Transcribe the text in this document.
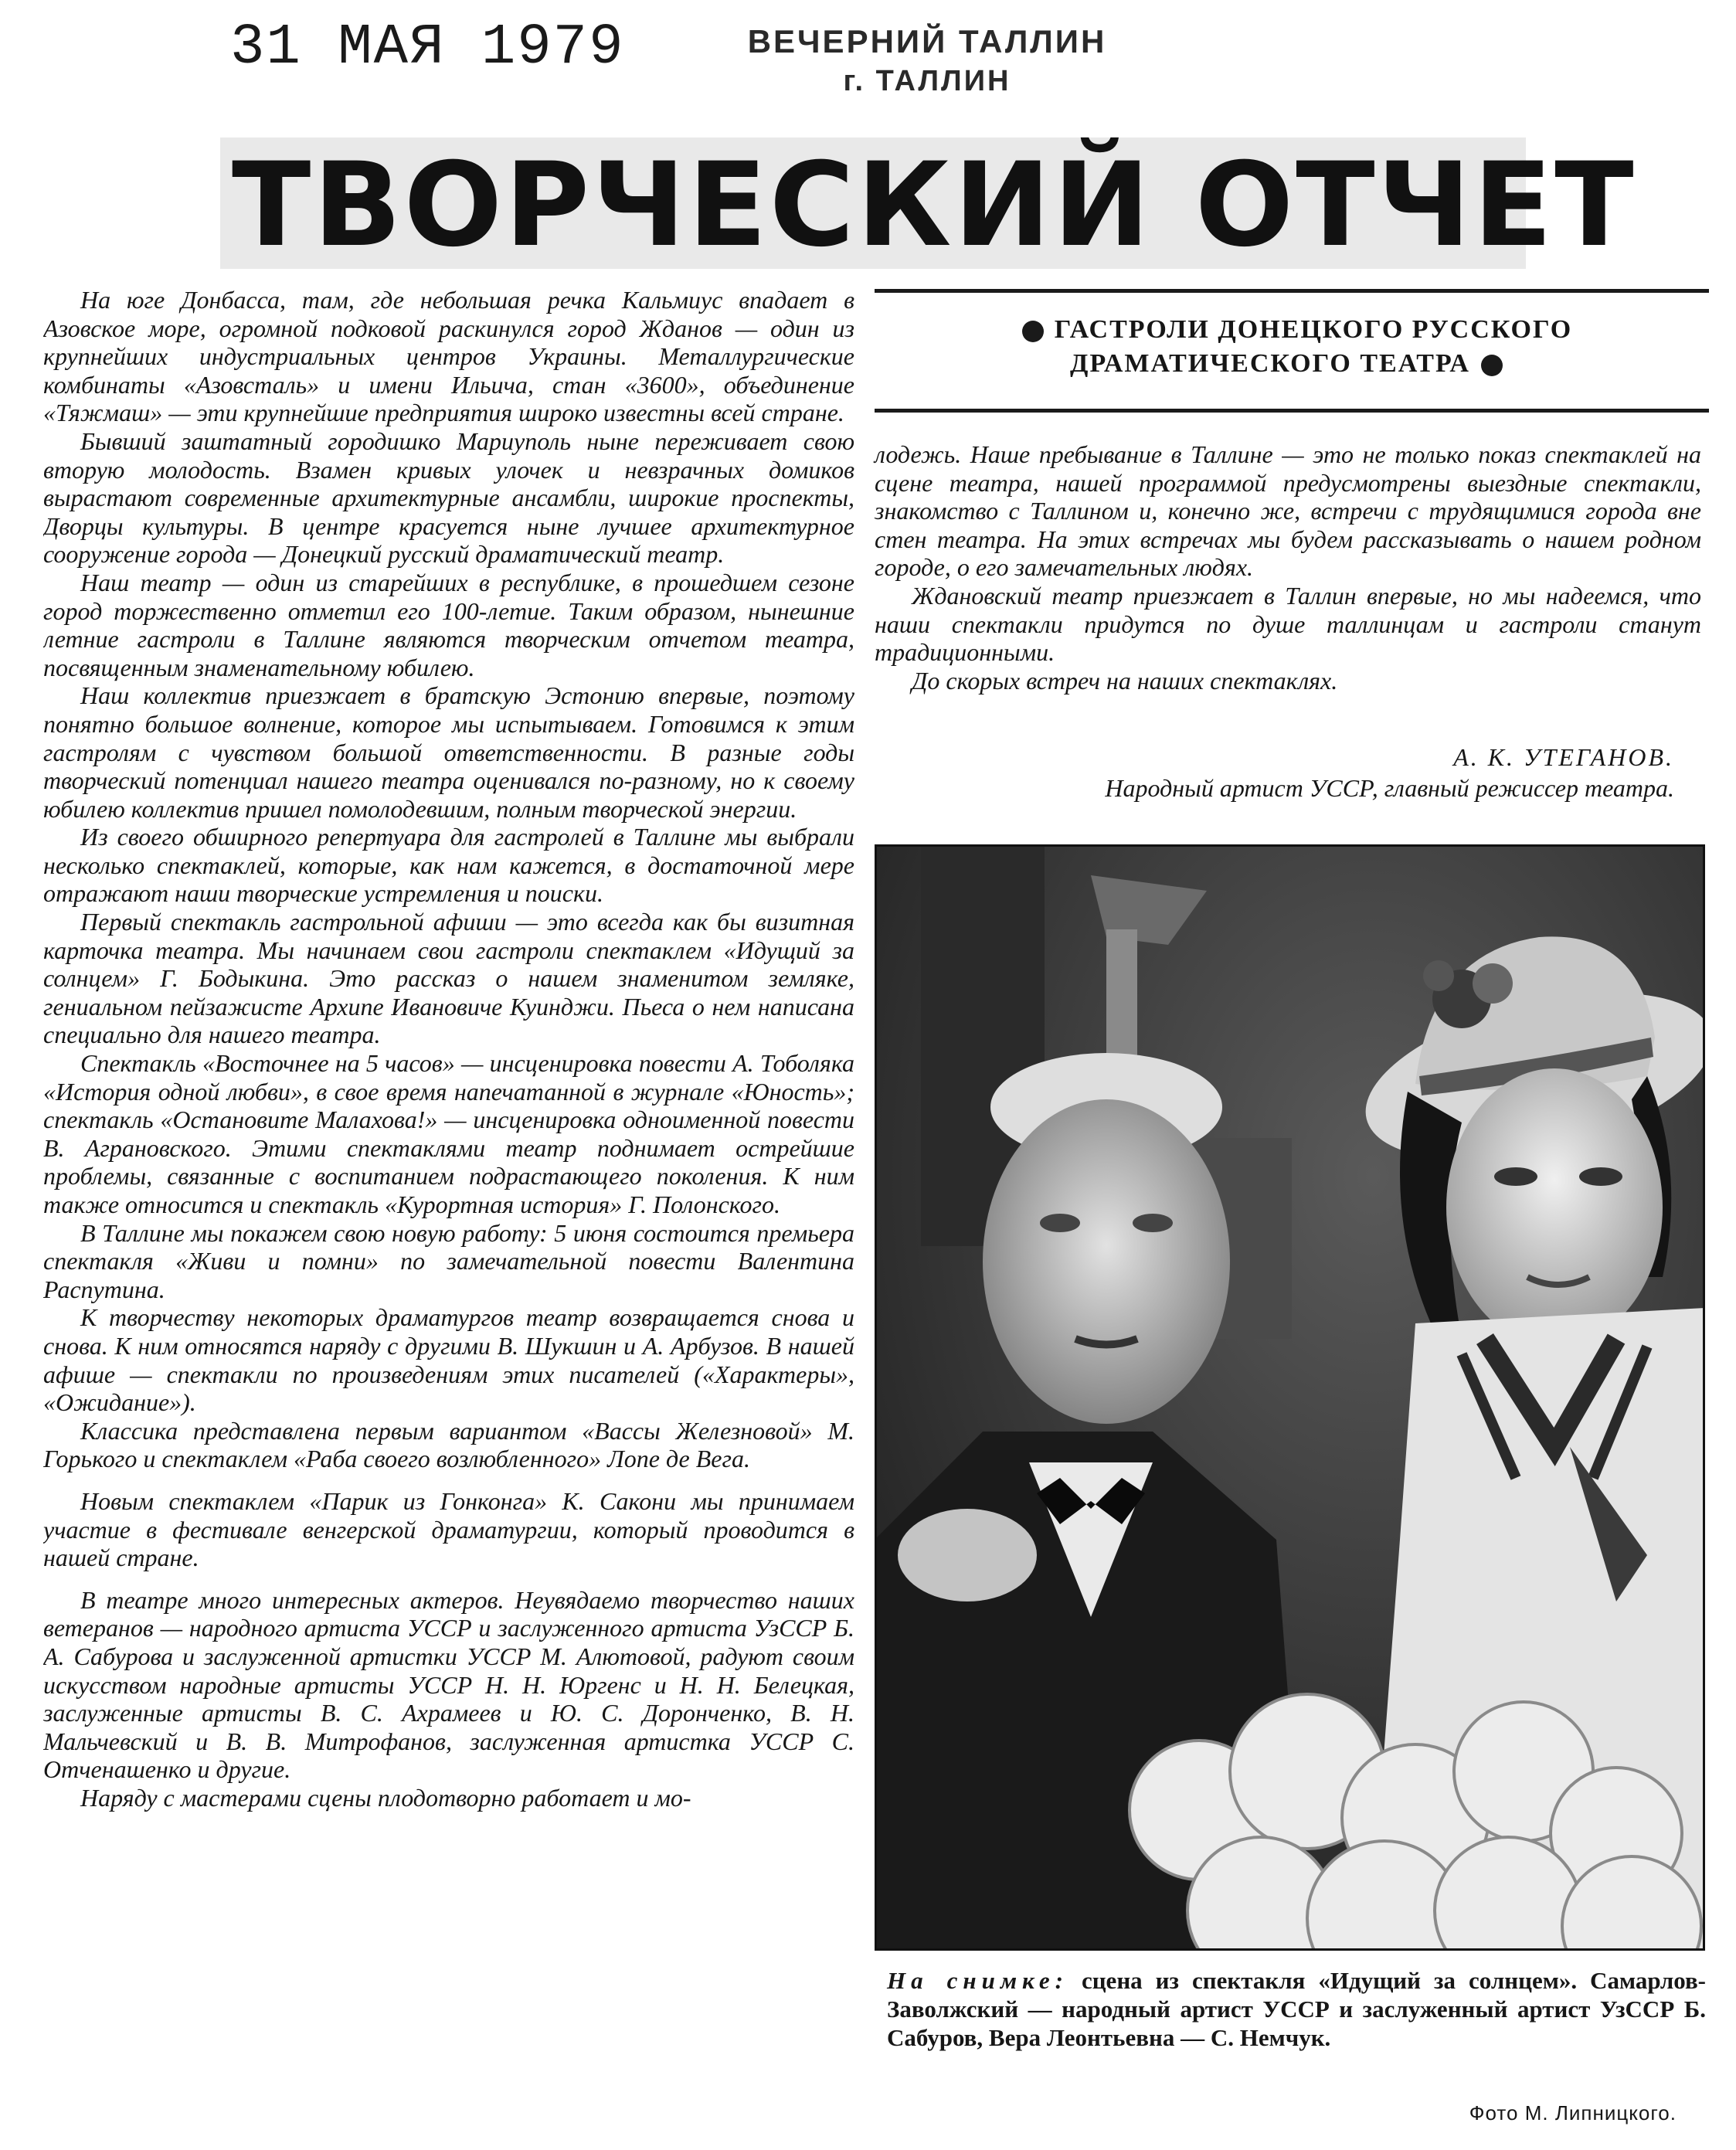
31 МАЯ 1979	ВЕЧЕРНИЙ ТАЛЛИН
г. ТАЛЛИН
ТВОРЧЕСКИЙ ОТЧЕТ

На юге Донбасса, там, где небольшая речка Кальмиус впадает в Азовское море, огромной подковой раскинулся город Жданов — один из крупнейших индустриальных центров Украины. Металлургические комбинаты «Азовсталь» и имени Ильича, стан «3600», объединение «Тяжмаш» — эти крупнейшие предприятия широко известны всей стране.

Бывший заштатный городишко Мариуполь ныне переживает свою вторую молодость. Взамен кривых улочек и невзрачных домиков вырастают современные архитектурные ансамбли, широкие проспекты, Дворцы культуры. В центре красуется ныне лучшее архитектурное сооружение города — Донецкий русский драматический театр.

Наш театр — один из старейших в республике, в прошедшем сезоне город торжественно отметил его 100-летие. Таким образом, нынешние летние гастроли в Таллине являются творческим отчетом театра, посвященным знаменательному юбилею.

Наш коллектив приезжает в братскую Эстонию впервые, поэтому понятно большое волнение, которое мы испытываем. Готовимся к этим гастролям с чувством большой ответственности. В разные годы творческий потенциал нашего театра оценивался по-разному, но к своему юбилею коллектив пришел помолодевшим, полным творческой энергии.

Из своего обширного репертуара для гастролей в Таллине мы выбрали несколько спектаклей, которые, как нам кажется, в достаточной мере отражают наши творческие устремления и поиски.

Первый спектакль гастрольной афиши — это всегда как бы визитная карточка театра. Мы начинаем свои гастроли спектаклем «Идущий за солнцем» Г. Бодыкина. Это рассказ о нашем знаменитом земляке, гениальном пейзажисте Архипе Ивановиче Куинджи. Пьеса о нем написана специально для нашего театра.

Спектакль «Восточнее на 5 часов» — инсценировка повести А. Тоболяка «История одной любви», в свое время напечатанной в журнале «Юность»; спектакль «Остановите Малахова!» — инсценировка одноименной повести В. Аграновского. Этими спектаклями театр поднимает острейшие проблемы, связанные с воспитанием подрастающего поколения. К ним также относится и спектакль «Курортная история» Г. Полонского.

В Таллине мы покажем свою новую работу: 5 июня состоится премьера спектакля «Живи и помни» по замечательной повести Валентина Распутина.

К творчеству некоторых драматургов театр возвращается снова и снова. К ним относятся наряду с другими В. Шукшин и А. Арбузов. В нашей афише — спектакли по произведениям этих писателей («Характеры», «Ожидание»).

Классика представлена первым вариантом «Вассы Железновой» М. Горького и спектаклем «Раба своего возлюбленного» Лопе де Вега.

Новым спектаклем «Парик из Гонконга» К. Сакони мы принимаем участие в фестивале венгерской драматургии, который проводится в нашей стране.

В театре много интересных актеров. Неувядаемо творчество наших ветеранов — народного артиста УССР и заслуженного артиста УзССР Б. А. Сабурова и заслуженной артистки УССР М. Алютовой, радуют своим искусством народные артисты УССР Н. Н. Юргенс и Н. Н. Белецкая, заслуженные артисты В. С. Ахрамеев и Ю. С. Доронченко, В. Н. Мальчевский и В. В. Митрофанов, заслуженная артистка УССР С. Отченашенко и другие.

Наряду с мастерами сцены плодотворно работает и мо-

ГАСТРОЛИ ДОНЕЦКОГО РУССКОГО
ДРАМАТИЧЕСКОГО ТЕАТРА

лодежь. Наше пребывание в Таллине — это не только показ спектаклей на сцене театра, нашей программой предусмотрены выездные спектакли, знакомство с Таллином и, конечно же, встречи с трудящимися города вне стен театра. На этих встречах мы будем рассказывать о нашем родном городе, о его замечательных людях.

Ждановский театр приезжает в Таллин впервые, но мы надеемся, что наши спектакли придутся по душе таллинцам и гастроли станут традиционными.

До скорых встреч на наших спектаклях.

А. К. УТЕГАНОВ.
Народный артист УССР, главный режиссер театра.
На снимке: сцена из спектакля «Идущий за солнцем». Самарлов-Заволжский — народный артист УССР и заслуженный артист УзССР Б. Сабуров, Вера Леонтьевна — С. Немчук.
Фото М. Липницкого.
